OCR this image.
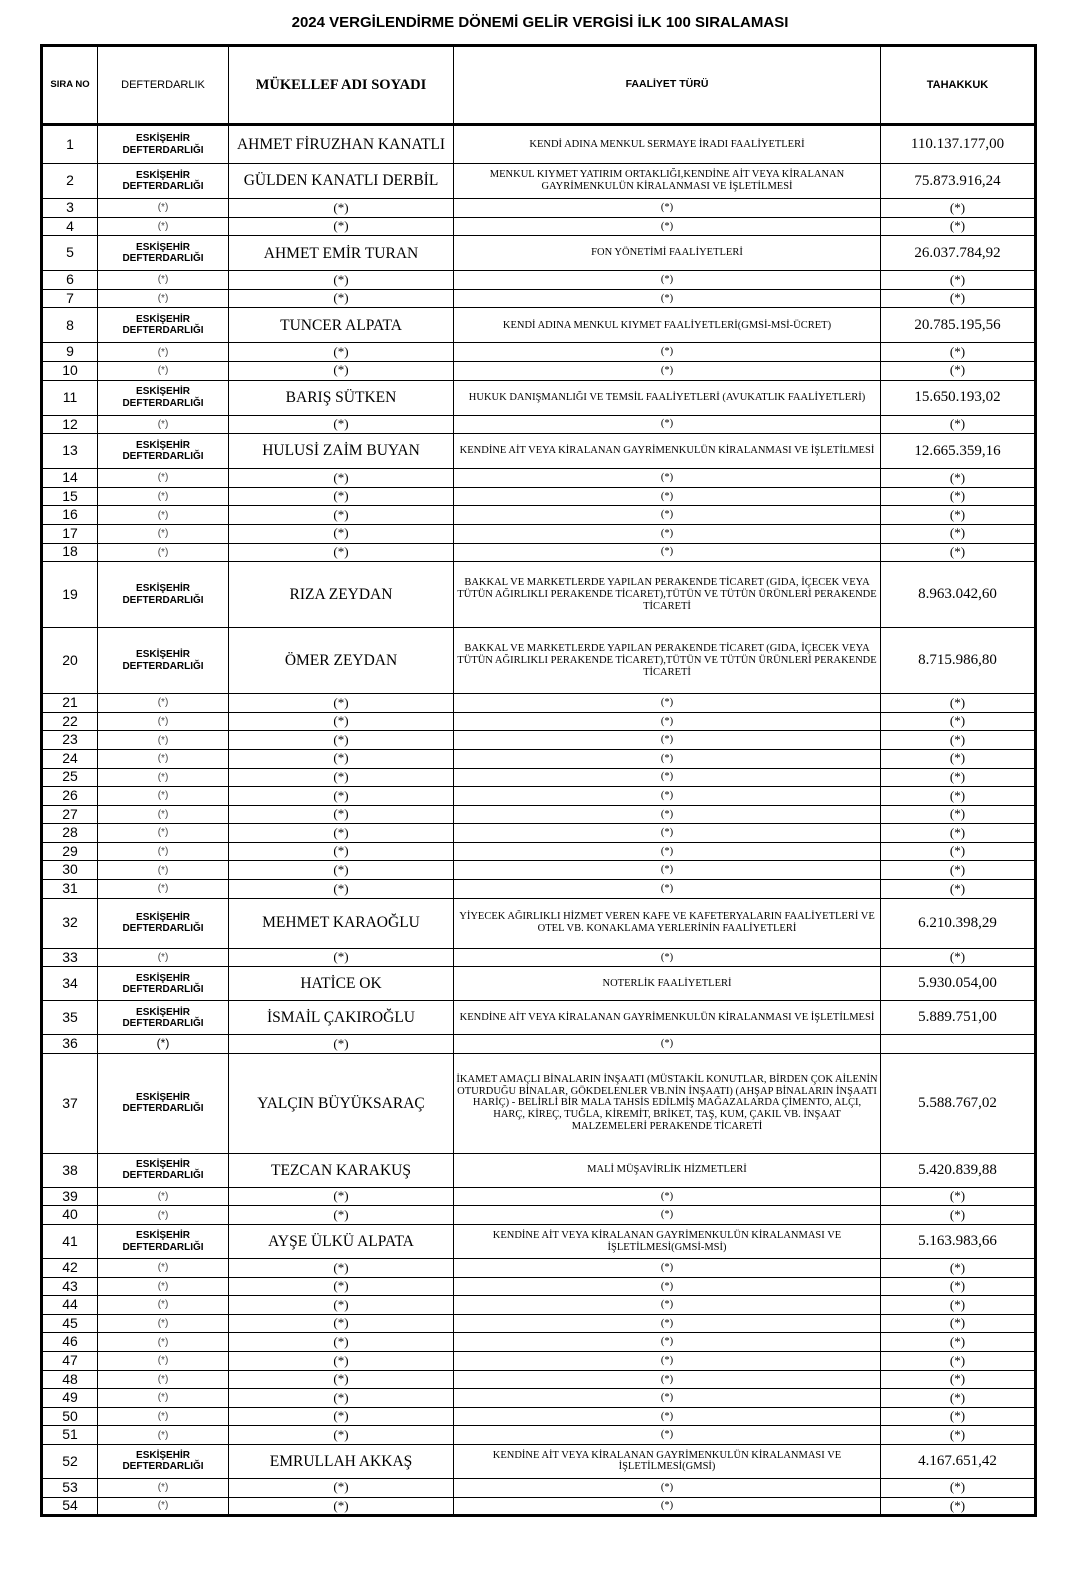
2024 VERGİLENDİRME DÖNEMİ GELİR VERGİSİ İLK 100 SIRALAMASI
SIRA NO	DEFTERDARLIK	MÜKELLEF ADI SOYADI	FAALİYET TÜRÜ	TAHAKKUK
1	ESKİŞEHİR DEFTERDARLIĞI	AHMET FİRUZHAN KANATLI	KENDİ ADINA MENKUL SERMAYE İRADI FAALİYETLERİ	110.137.177,00
2	ESKİŞEHİR DEFTERDARLIĞI	GÜLDEN KANATLI DERBİL	MENKUL KIYMET YATIRIM ORTAKLIĞI,KENDİNE AİT VEYA KİRALANAN GAYRİMENKULÜN KİRALANMASI VE İŞLETİLMESİ	75.873.916,24
3	(*)	(*)	(*)	(*)
4	(*)	(*)	(*)	(*)
5	ESKİŞEHİR DEFTERDARLIĞI	AHMET EMİR TURAN	FON YÖNETİMİ FAALİYETLERİ	26.037.784,92
6	(*)	(*)	(*)	(*)
7	(*)	(*)	(*)	(*)
8	ESKİŞEHİR DEFTERDARLIĞI	TUNCER ALPATA	KENDİ ADINA MENKUL KIYMET FAALİYETLERİ(GMSİ-MSİ-ÜCRET)	20.785.195,56
9	(*)	(*)	(*)	(*)
10	(*)	(*)	(*)	(*)
11	ESKİŞEHİR DEFTERDARLIĞI	BARIŞ SÜTKEN	HUKUK DANIŞMANLIĞI VE TEMSİL FAALİYETLERİ (AVUKATLIK FAALİYETLERİ)	15.650.193,02
12	(*)	(*)	(*)	(*)
13	ESKİŞEHİR DEFTERDARLIĞI	HULUSİ ZAİM BUYAN	KENDİNE AİT VEYA KİRALANAN GAYRİMENKULÜN KİRALANMASI VE İŞLETİLMESİ	12.665.359,16
14	(*)	(*)	(*)	(*)
15	(*)	(*)	(*)	(*)
16	(*)	(*)	(*)	(*)
17	(*)	(*)	(*)	(*)
18	(*)	(*)	(*)	(*)
19	ESKİŞEHİR DEFTERDARLIĞI	RIZA ZEYDAN	BAKKAL VE MARKETLERDE YAPILAN PERAKENDE TİCARET (GIDA, İÇECEK VEYA TÜTÜN AĞIRLIKLI PERAKENDE TİCARET),TÜTÜN VE TÜTÜN ÜRÜNLERİ PERAKENDE TİCARETİ	8.963.042,60
20	ESKİŞEHİR DEFTERDARLIĞI	ÖMER ZEYDAN	BAKKAL VE MARKETLERDE YAPILAN PERAKENDE TİCARET (GIDA, İÇECEK VEYA TÜTÜN AĞIRLIKLI PERAKENDE TİCARET),TÜTÜN VE TÜTÜN ÜRÜNLERİ PERAKENDE TİCARETİ	8.715.986,80
21	(*)	(*)	(*)	(*)
22	(*)	(*)	(*)	(*)
23	(*)	(*)	(*)	(*)
24	(*)	(*)	(*)	(*)
25	(*)	(*)	(*)	(*)
26	(*)	(*)	(*)	(*)
27	(*)	(*)	(*)	(*)
28	(*)	(*)	(*)	(*)
29	(*)	(*)	(*)	(*)
30	(*)	(*)	(*)	(*)
31	(*)	(*)	(*)	(*)
32	ESKİŞEHİR DEFTERDARLIĞI	MEHMET KARAOĞLU	YİYECEK AĞIRLIKLI HİZMET VEREN KAFE VE KAFETERYALARIN FAALİYETLERİ VE OTEL VB. KONAKLAMA YERLERİNİN FAALİYETLERİ	6.210.398,29
33	(*)	(*)	(*)	(*)
34	ESKİŞEHİR DEFTERDARLIĞI	HATİCE OK	NOTERLİK FAALİYETLERİ	5.930.054,00
35	ESKİŞEHİR DEFTERDARLIĞI	İSMAİL ÇAKIROĞLU	KENDİNE AİT VEYA KİRALANAN GAYRİMENKULÜN KİRALANMASI VE İŞLETİLMESİ	5.889.751,00
36	(*)	(*)	(*)	
37	ESKİŞEHİR DEFTERDARLIĞI	YALÇIN BÜYÜKSARAÇ	İKAMET AMAÇLI BİNALARIN İNŞAATI (MÜSTAKİL KONUTLAR, BİRDEN ÇOK AİLENİN OTURDUĞU BİNALAR, GÖKDELENLER VB.NİN İNŞAATI) (AHŞAP BİNALARIN İNŞAATI HARİÇ) - BELİRLİ BİR MALA TAHSİS EDİLMİŞ MAĞAZALARDA ÇİMENTO, ALÇI, HARÇ, KİREÇ, TUĞLA, KİREMİT, BRİKET, TAŞ, KUM, ÇAKIL VB. İNŞAAT MALZEMELERİ PERAKENDE TİCARETİ	5.588.767,02
38	ESKİŞEHİR DEFTERDARLIĞI	TEZCAN KARAKUŞ	MALİ MÜŞAVİRLİK HİZMETLERİ	5.420.839,88
39	(*)	(*)	(*)	(*)
40	(*)	(*)	(*)	(*)
41	ESKİŞEHİR DEFTERDARLIĞI	AYŞE ÜLKÜ ALPATA	KENDİNE AİT VEYA KİRALANAN GAYRİMENKULÜN KİRALANMASI VE İŞLETİLMESİ(GMSİ-MSİ)	5.163.983,66
42	(*)	(*)	(*)	(*)
43	(*)	(*)	(*)	(*)
44	(*)	(*)	(*)	(*)
45	(*)	(*)	(*)	(*)
46	(*)	(*)	(*)	(*)
47	(*)	(*)	(*)	(*)
48	(*)	(*)	(*)	(*)
49	(*)	(*)	(*)	(*)
50	(*)	(*)	(*)	(*)
51	(*)	(*)	(*)	(*)
52	ESKİŞEHİR DEFTERDARLIĞI	EMRULLAH AKKAŞ	KENDİNE AİT VEYA KİRALANAN GAYRİMENKULÜN KİRALANMASI VE İŞLETİLMESİ(GMSİ)	4.167.651,42
53	(*)	(*)	(*)	(*)
54	(*)	(*)	(*)	(*)
